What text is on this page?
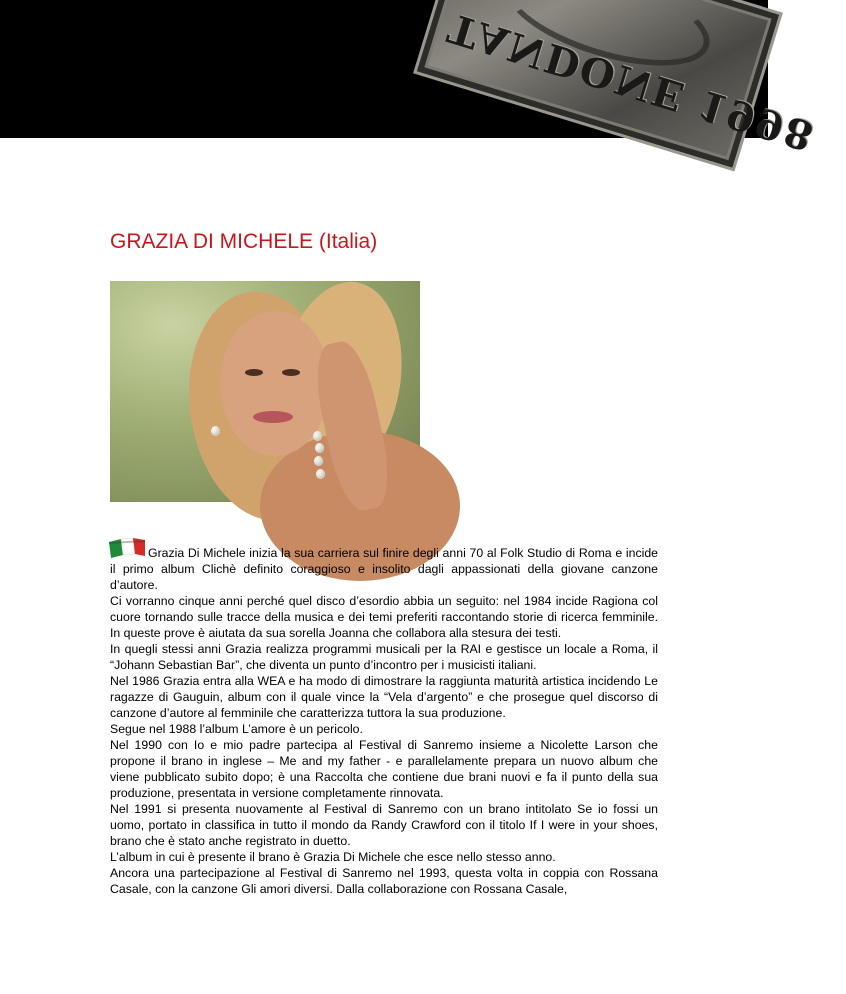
TANDONE 1998
GRAZIA DI MICHELE (Italia)

Grazia Di Michele inizia la sua carriera sul finire degli anni 70 al Folk Studio di Roma e incide il primo album Clichè definito coraggioso e insolito dagli appassionati della giovane canzone d’autore.

Ci vorranno cinque anni perché quel disco d’esordio abbia un seguito: nel 1984 incide Ragiona col cuore tornando sulle tracce della musica e dei temi preferiti raccontando storie di ricerca femminile. In queste prove è aiutata da sua sorella Joanna che collabora alla stesura dei testi.

In quegli stessi anni Grazia realizza programmi musicali per la RAI e gestisce un locale a Roma, il “Johann Sebastian Bar”, che diventa un punto d’incontro per i musicisti italiani.

Nel 1986 Grazia entra alla WEA e ha modo di dimostrare la raggiunta maturità artistica incidendo Le ragazze di Gauguin, album con il quale vince la “Vela d’argento” e che prosegue quel discorso di canzone d’autore al femminile che caratterizza tuttora la sua produzione.

Segue nel 1988 l’album L’amore è un pericolo.

Nel 1990 con Io e mio padre partecipa al Festival di Sanremo insieme a Nicolette Larson che propone il brano in inglese – Me and my father - e parallelamente prepara un nuovo album che viene pubblicato subito dopo; è una Raccolta che contiene due brani nuovi e fa il punto della sua produzione, presentata in versione completamente rinnovata.

Nel 1991 si presenta nuovamente al Festival di Sanremo con un brano intitolato Se io fossi un uomo, portato in classifica in tutto il mondo da Randy Crawford con il titolo If I were in your shoes, brano che è stato anche registrato in duetto.

L’album in cui è presente il brano è Grazia Di Michele che esce nello stesso anno.

Ancora una partecipazione al Festival di Sanremo nel 1993, questa volta in coppia con Rossana Casale, con la canzone Gli amori diversi. Dalla collaborazione con Rossana Casale,
